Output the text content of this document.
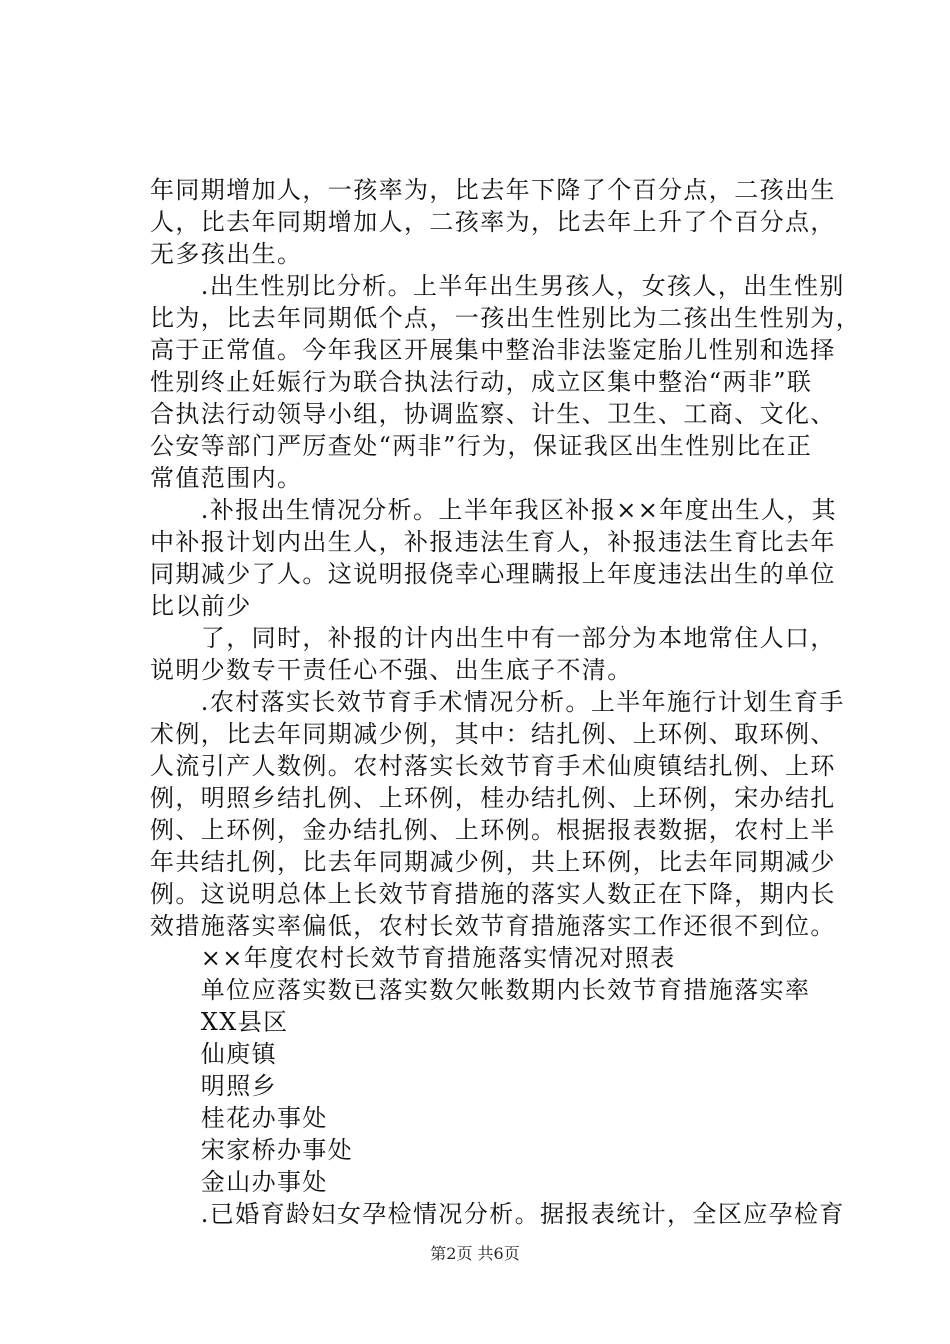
年同期增加人，一孩率为，比去年下降了个百分点，二孩出生
人，比去年同期增加人，二孩率为，比去年上升了个百分点，
无多孩出生。
　　.出生性别比分析。上半年出生男孩人，女孩人，出生性别
比为，比去年同期低个点，一孩出生性别比为二孩出生性别为，
高于正常值。今年我区开展集中整治非法鉴定胎儿性别和选择
性别终止妊娠行为联合执法行动，成立区集中整治“两非”联
合执法行动领导小组，协调监察、计生、卫生、工商、文化、
公安等部门严厉查处“两非”行为，保证我区出生性别比在正
常值范围内。
　　.补报出生情况分析。上半年我区补报××年度出生人，其
中补报计划内出生人，补报违法生育人，补报违法生育比去年
同期减少了人。这说明报侥幸心理瞒报上年度违法出生的单位
比以前少
　　了，同时，补报的计内出生中有一部分为本地常住人口，
说明少数专干责任心不强、出生底子不清。
　　.农村落实长效节育手术情况分析。上半年施行计划生育手
术例，比去年同期减少例，其中：结扎例、上环例、取环例、
人流引产人数例。农村落实长效节育手术仙庾镇结扎例、上环
例，明照乡结扎例、上环例，桂办结扎例、上环例，宋办结扎
例、上环例，金办结扎例、上环例。根据报表数据，农村上半
年共结扎例，比去年同期减少例，共上环例，比去年同期减少
例。这说明总体上长效节育措施的落实人数正在下降，期内长
效措施落实率偏低，农村长效节育措施落实工作还很不到位。
　　××年度农村长效节育措施落实情况对照表
　　单位应落实数已落实数欠帐数期内长效节育措施落实率
　　XX县区
　　仙庾镇
　　明照乡
　　桂花办事处
　　宋家桥办事处
　　金山办事处
　　.已婚育龄妇女孕检情况分析。据报表统计，全区应孕检育
第2页 共6页
